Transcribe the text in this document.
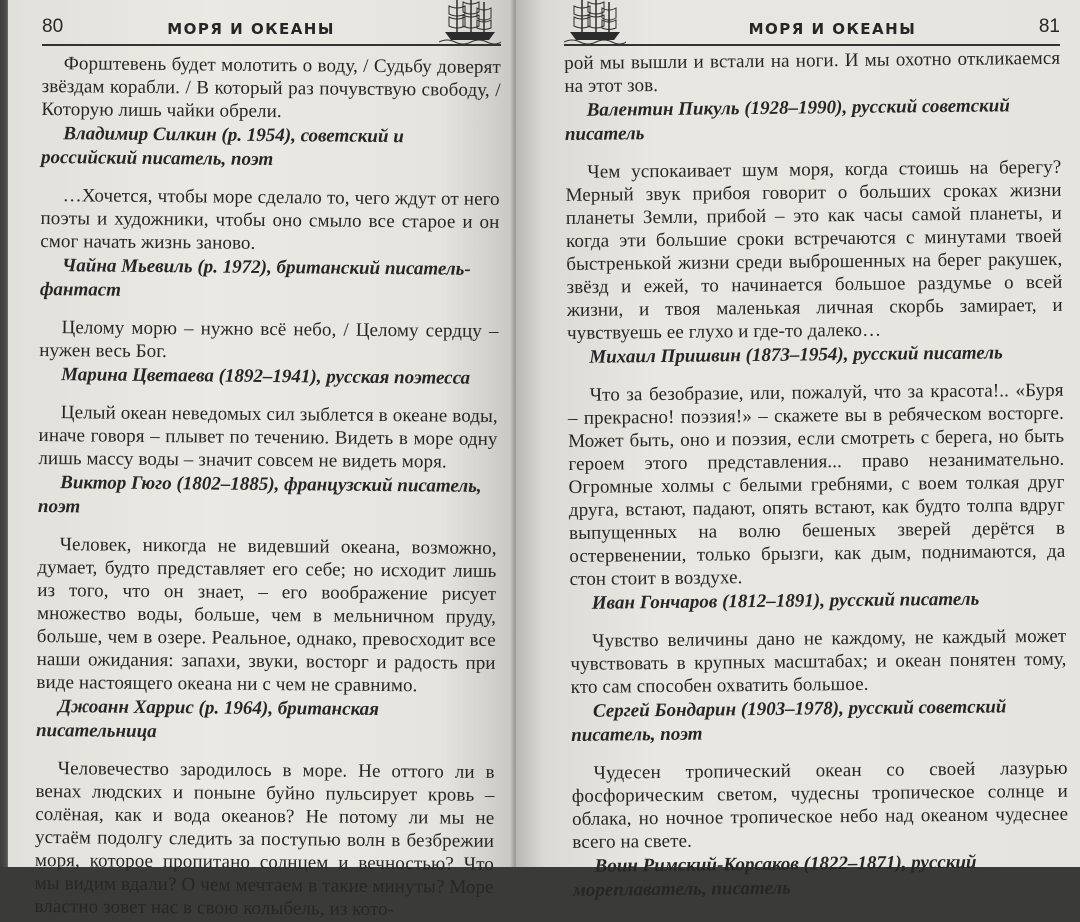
80	МОРЯ И ОКЕАНЫ

Форштевень будет молотить о воду, / Судьбу доверят звёздам корабли. / В который раз почувствую свободу, / Которую лишь чайки обрели.

Владимир Силкин (р. 1954), советский и российский писатель, поэт

…Хочется, чтобы море сделало то, чего ждут от него поэты и художники, чтобы оно смыло все старое и он смог начать жизнь заново.

Чайна Мьевиль (р. 1972), британский писатель-фантаст

Целому морю – нужно всё небо, / Целому сердцу – нужен весь Бог.

Марина Цветаева (1892–1941), русская поэтесса

Целый океан неведомых сил зыблется в океане воды, иначе говоря – плывет по течению. Видеть в море одну лишь массу воды – значит совсем не видеть моря.

Виктор Гюго (1802–1885), французский писатель, поэт

Человек, никогда не видевший океана, возможно, думает, будто представляет его себе; но исходит лишь из того, что он знает, – его воображение рисует множество воды, больше, чем в мельничном пруду, больше, чем в озере. Реальное, однако, превосходит все наши ожидания: запахи, звуки, восторг и радость при виде настоящего океана ни с чем не сравнимо.

Джоанн Харрис (р. 1964), британская писательница

Человечество зародилось в море. Не оттого ли в венах людских и поныне буйно пульсирует кровь – солёная, как и вода океанов? Не потому ли мы не устаём подолгу следить за поступью волн в безбрежии моря, которое пропитано солнцем и вечностью? Что мы видим вдали? О чем мечтаем в такие минуты? Море властно зовет нас в свою колыбель, из кото-

МОРЯ И ОКЕАНЫ	81

рой мы вышли и встали на ноги. И мы охотно откликаемся на этот зов.

Валентин Пикуль (1928–1990), русский советский писатель

Чем успокаивает шум моря, когда стоишь на берегу? Мерный звук прибоя говорит о больших сроках жизни планеты Земли, прибой – это как часы самой планеты, и когда эти большие сроки встречаются с минутами твоей быстренькой жизни среди выброшенных на берег ракушек, звёзд и ежей, то начинается большое раздумье о всей жизни, и твоя маленькая личная скорбь замирает, и чувствуешь ее глухо и где-то далеко…

Михаил Пришвин (1873–1954), русский писатель

Что за безобразие, или, пожалуй, что за красота!.. «Буря – прекрасно! поэзия!» – скажете вы в ребяческом восторге. Может быть, оно и поэзия, если смотреть с берега, но быть героем этого представления... право незанимательно. Огромные холмы с белыми гребнями, с воем толкая друг друга, встают, падают, опять встают, как будто толпа вдруг выпущенных на волю бешеных зверей дерётся в остервенении, только брызги, как дым, поднимаются, да стон стоит в воздухе.

Иван Гончаров (1812–1891), русский писатель

Чувство величины дано не каждому, не каждый может чувствовать в крупных масштабах; и океан понятен тому, кто сам способен охватить большое.

Сергей Бондарин (1903–1978), русский советский писатель, поэт

Чудесен тропический океан со своей лазурью фосфорическим светом, чудесны тропическое солнце и облака, но ночное тропическое небо над океаном чудеснее всего на свете.

Воин Римский-Корсаков (1822–1871), русский мореплаватель, писатель
